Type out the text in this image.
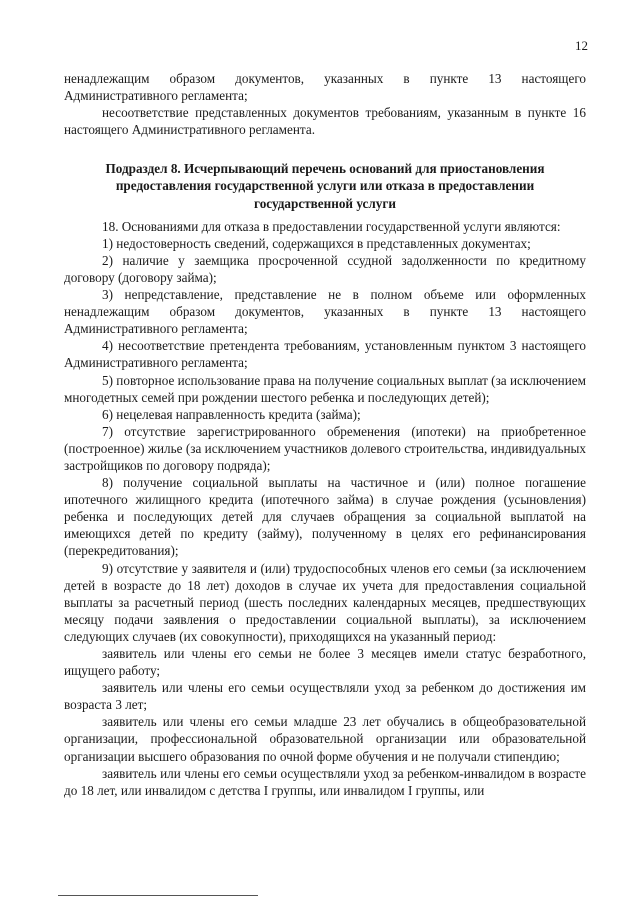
12

ненадлежащим образом документов, указанных в пункте 13 настоящего Административного регламента;

несоответствие представленных документов требованиям, указанным в пункте 16 настоящего Административного регламента.

Подраздел 8. Исчерпывающий перечень оснований для приостановления предоставления государственной услуги или отказа в предоставлении государственной услуги

18. Основаниями для отказа в предоставлении государственной услуги являются:

1) недостоверность сведений, содержащихся в представленных документах;

2) наличие у заемщика просроченной ссудной задолженности по кредитному договору (договору займа);

3) непредставление, представление не в полном объеме или оформленных ненадлежащим образом документов, указанных в пункте 13 настоящего Административного регламента;

4) несоответствие претендента требованиям, установленным пунктом 3 настоящего Административного регламента;

5) повторное использование права на получение социальных выплат (за исключением многодетных семей при рождении шестого ребенка и последующих детей);

6) нецелевая направленность кредита (займа);

7) отсутствие зарегистрированного обременения (ипотеки) на приобретенное (построенное) жилье (за исключением участников долевого строительства, индивидуальных застройщиков по договору подряда);

8) получение социальной выплаты на частичное и (или) полное погашение ипотечного жилищного кредита (ипотечного займа) в случае рождения (усыновления) ребенка и последующих детей для случаев обращения за социальной выплатой на имеющихся детей по кредиту (займу), полученному в целях его рефинансирования (перекредитования);

9) отсутствие у заявителя и (или) трудоспособных членов его семьи (за исключением детей в возрасте до 18 лет) доходов в случае их учета для предоставления социальной выплаты за расчетный период (шесть последних календарных месяцев, предшествующих месяцу подачи заявления о предоставлении социальной выплаты), за исключением следующих случаев (их совокупности), приходящихся на указанный период:

заявитель или члены его семьи не более 3 месяцев имели статус безработного, ищущего работу;

заявитель или члены его семьи осуществляли уход за ребенком до достижения им возраста 3 лет;

заявитель или члены его семьи младше 23 лет обучались в общеобразовательной организации, профессиональной образовательной организации или образовательной организации высшего образования по очной форме обучения и не получали стипендию;

заявитель или члены его семьи осуществляли уход за ребенком-инвалидом в возрасте до 18 лет, или инвалидом с детства I группы, или инвалидом I группы, или
